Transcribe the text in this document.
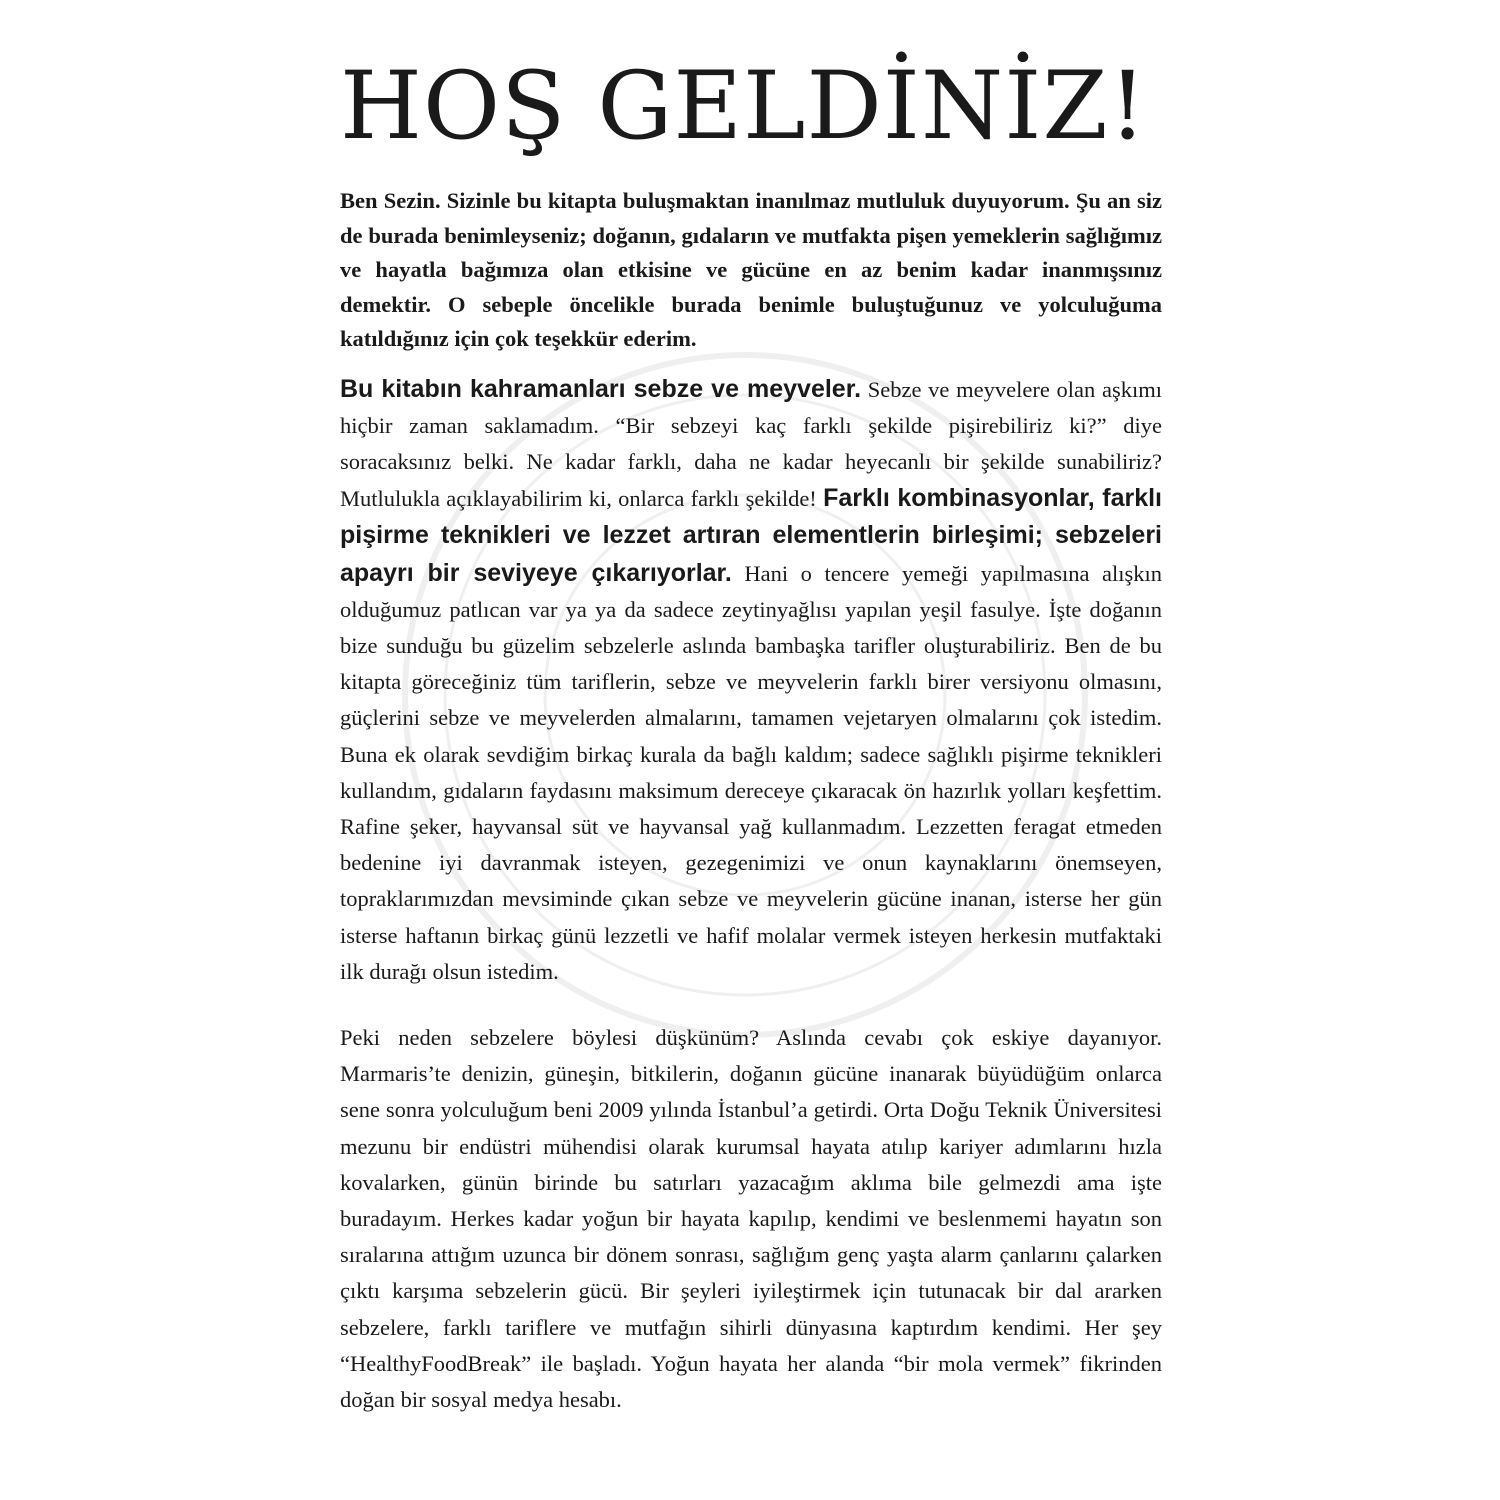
HOŞ GELDİNİZ!

Ben Sezin. Sizinle bu kitapta buluşmaktan inanılmaz mutluluk duyuyorum. Şu an siz de burada benimleyseniz; doğanın, gıdaların ve mutfakta pişen yemeklerin sağlığımız ve hayatla bağımıza olan etkisine ve gücüne en az benim kadar inanmışsınız demektir. O sebeple öncelikle burada benimle buluştuğunuz ve yolculuğuma katıldığınız için çok teşekkür ederim.

Bu kitabın kahramanları sebze ve meyveler. Sebze ve meyvelere olan aşkımı hiçbir zaman saklamadım. “Bir sebzeyi kaç farklı şekilde pişirebiliriz ki?” diye soracaksınız belki. Ne kadar farklı, daha ne kadar heyecanlı bir şekilde sunabiliriz? Mutlulukla açıklayabilirim ki, onlarca farklı şekilde! Farklı kombinasyonlar, farklı pişirme teknikleri ve lezzet artıran elementlerin birleşimi; sebzeleri apayrı bir seviyeye çıkarıyorlar. Hani o tencere yemeği yapılmasına alışkın olduğumuz patlıcan var ya ya da sadece zeytinyağlısı yapılan yeşil fasulye. İşte doğanın bize sunduğu bu güzelim sebzelerle aslında bambaşka tarifler oluşturabiliriz. Ben de bu kitapta göreceğiniz tüm tariflerin, sebze ve meyvelerin farklı birer versiyonu olmasını, güçlerini sebze ve meyvelerden almalarını, tamamen vejetaryen olmalarını çok istedim. Buna ek olarak sevdiğim birkaç kurala da bağlı kaldım; sadece sağlıklı pişirme teknikleri kullandım, gıdaların faydasını maksimum dereceye çıkaracak ön hazırlık yolları keşfettim. Rafine şeker, hayvansal süt ve hayvansal yağ kullanmadım. Lezzetten feragat etmeden bedenine iyi davranmak isteyen, gezegenimizi ve onun kaynaklarını önemseyen, topraklarımızdan mevsiminde çıkan sebze ve meyvelerin gücüne inanan, isterse her gün isterse haftanın birkaç günü lezzetli ve hafif molalar vermek isteyen herkesin mutfaktaki ilk durağı olsun istedim.

Peki neden sebzelere böylesi düşkünüm? Aslında cevabı çok eskiye dayanıyor. Marmaris’te denizin, güneşin, bitkilerin, doğanın gücüne inanarak büyüdüğüm onlarca sene sonra yolculuğum beni 2009 yılında İstanbul’a getirdi. Orta Doğu Teknik Üniversitesi mezunu bir endüstri mühendisi olarak kurumsal hayata atılıp kariyer adımlarını hızla kovalarken, günün birinde bu satırları yazacağım aklıma bile gelmezdi ama işte buradayım. Herkes kadar yoğun bir hayata kapılıp, kendimi ve beslenmemi hayatın son sıralarına attığım uzunca bir dönem sonrası, sağlığım genç yaşta alarm çanlarını çalarken çıktı karşıma sebzelerin gücü. Bir şeyleri iyileştirmek için tutunacak bir dal ararken sebzelere, farklı tariflere ve mutfağın sihirli dünyasına kaptırdım kendimi. Her şey “HealthyFoodBreak” ile başladı. Yoğun hayata her alanda “bir mola vermek” fikrinden doğan bir sosyal medya hesabı.
